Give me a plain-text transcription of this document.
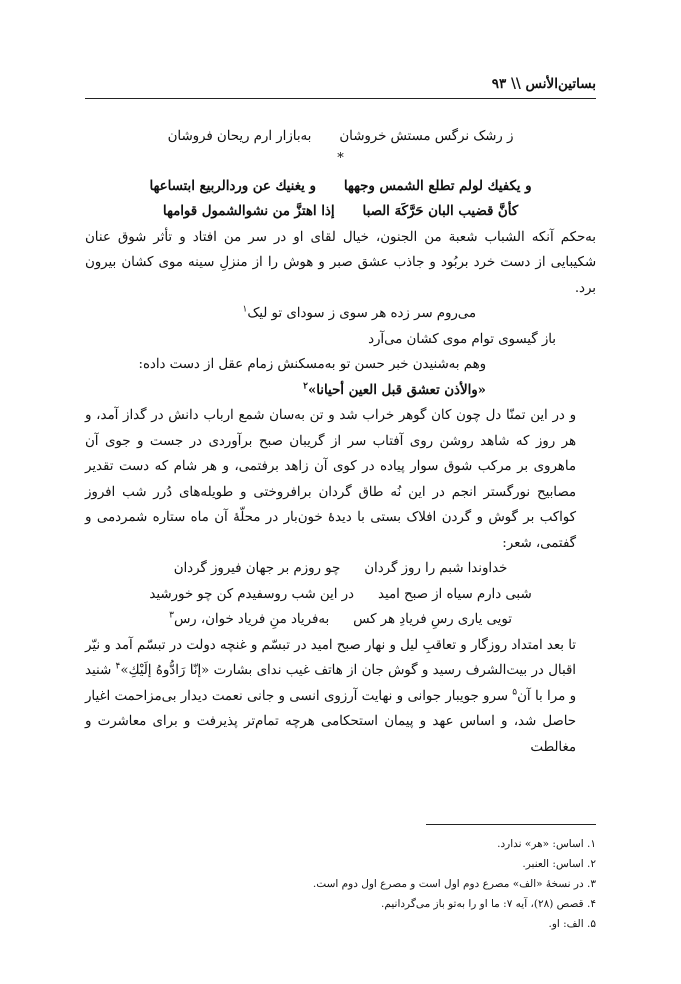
بساتین‌الأنس \\ ۹۳
ز رشک نرگس مستش خروشان
به‌بازار ارم ریحان فروشان
*
و یکفیك لولم تطلع الشمس وجهها
و یغنیك عن وردالربیع ابتساعها
كأنَّ قضیب البان حَرَّكَهَ الصبا
إذا اهتزَّ من نشوالشمول قوامها

به‌حکم آنکه الشباب شعبة من الجنون، خیال لقای او در سر من افتاد و تأثر شوق عنان شکیبایی از دست خرد بربُود و جاذب عشق صبر و هوش را از منزلِ سینه موی کشان بیرون برد.

می‌روم سر زده هر سوی ز سودای تو لیک$^۱$
باز گیسوی توام موی کشان می‌آرد
وهم به‌شنیدن خبر حسن تو به‌مسکنش زمام عقل از دست داده:
«والأذن تعشق قبل العین أحیانا»$^۲$

و در این تمنّا دل چون کان گوهر خراب شد و تن به‌سان شمع ارباب دانش در گداز آمد، و هر روز که شاهد روشن روی آفتاب سر از گریبان صبح برآوردی در جست و جوی آن ماهروی بر مرکب شوق سوار پیاده در کوی آن زاهد برفتمی، و هر شام که دست تقدیر مصابیح نورگستر انجم در این نُه طاق گردان برافروختی و طویله‌های دُرر شب افروز کواکب بر گوش و گردن افلاک بستی با دیدهٔ خون‌بار در محلّهٔ آن ماه ستاره شمردمی و گفتمی، شعر:

خداوندا شبم را روز گردان
چو روزم بر جهان فیروز گردان
شبی دارم سیاه از صبح امید
در این شب روسفیدم کن چو خورشید
تویی یاری رسِ فریادِ هر کس
به‌فریاد منِ فریاد خوان، رس$^۳$

تا بعد امتداد روزگار و تعاقبِ لیل و نهار صبح امید در تبسّم و غنچه دولت در تبسّم آمد و نیّر اقبال در بیت‌الشرف رسید و گوش جان از هاتف غیب ندای بشارت «إنّا رَادُّوهُ إلَیْكِ»$^۴$ شنید و مرا با آن$^۵$ سرو جویبار جوانی و نهایت آرزوی انسی و جانی نعمت دیدار بی‌مزاحمت اغیار حاصل شد، و اساس عهد و پیمان استحکامی هرچه تمام‌تر پذیرفت و برای معاشرت و مغالطت

۱. اساس: «هر» ندارد.

۲. اساس: العنبر.

۳. در نسخهٔ «الف» مصرع دوم اول است و مصرع اول دوم است.

۴. قصص (۲۸)، آیه ۷: ما او را به‌تو باز می‌گردانیم.

۵. الف: او.
